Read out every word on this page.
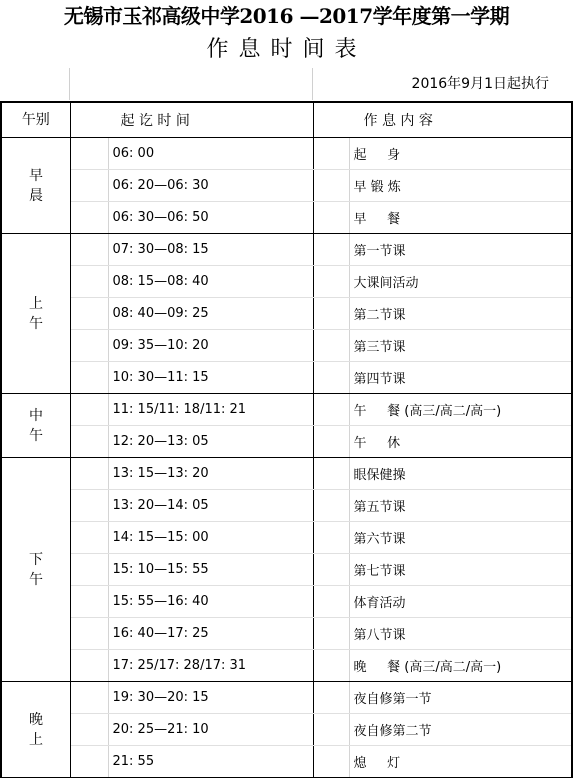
无锡市玉祁高级中学2016 —2017学年度第一学期
作息时间表
2016年9月1日起执行
午别	起 讫 时 间		作 息 内 容	
早晨		06: 00		起     身
		06: 20—06: 30		早 锻 炼
		06: 30—06: 50		早     餐
上午		07: 30—08: 15		第一节课
		08: 15—08: 40		大课间活动
		08: 40—09: 25		第二节课
		09: 35—10: 20		第三节课
		10: 30—11: 15		第四节课
中午		11: 15/11: 18/11: 21		午     餐 (高三/高二/高一)
		12: 20—13: 05		午     休
下午		13: 15—13: 20		眼保健操
		13: 20—14: 05		第五节课
		14: 15—15: 00		第六节课
		15: 10—15: 55		第七节课
		15: 55—16: 40		体育活动
		16: 40—17: 25		第八节课
		17: 25/17: 28/17: 31		晚     餐 (高三/高二/高一)
晚上		19: 30—20: 15		夜自修第一节
		20: 25—21: 10		夜自修第二节
		21: 55		熄     灯
